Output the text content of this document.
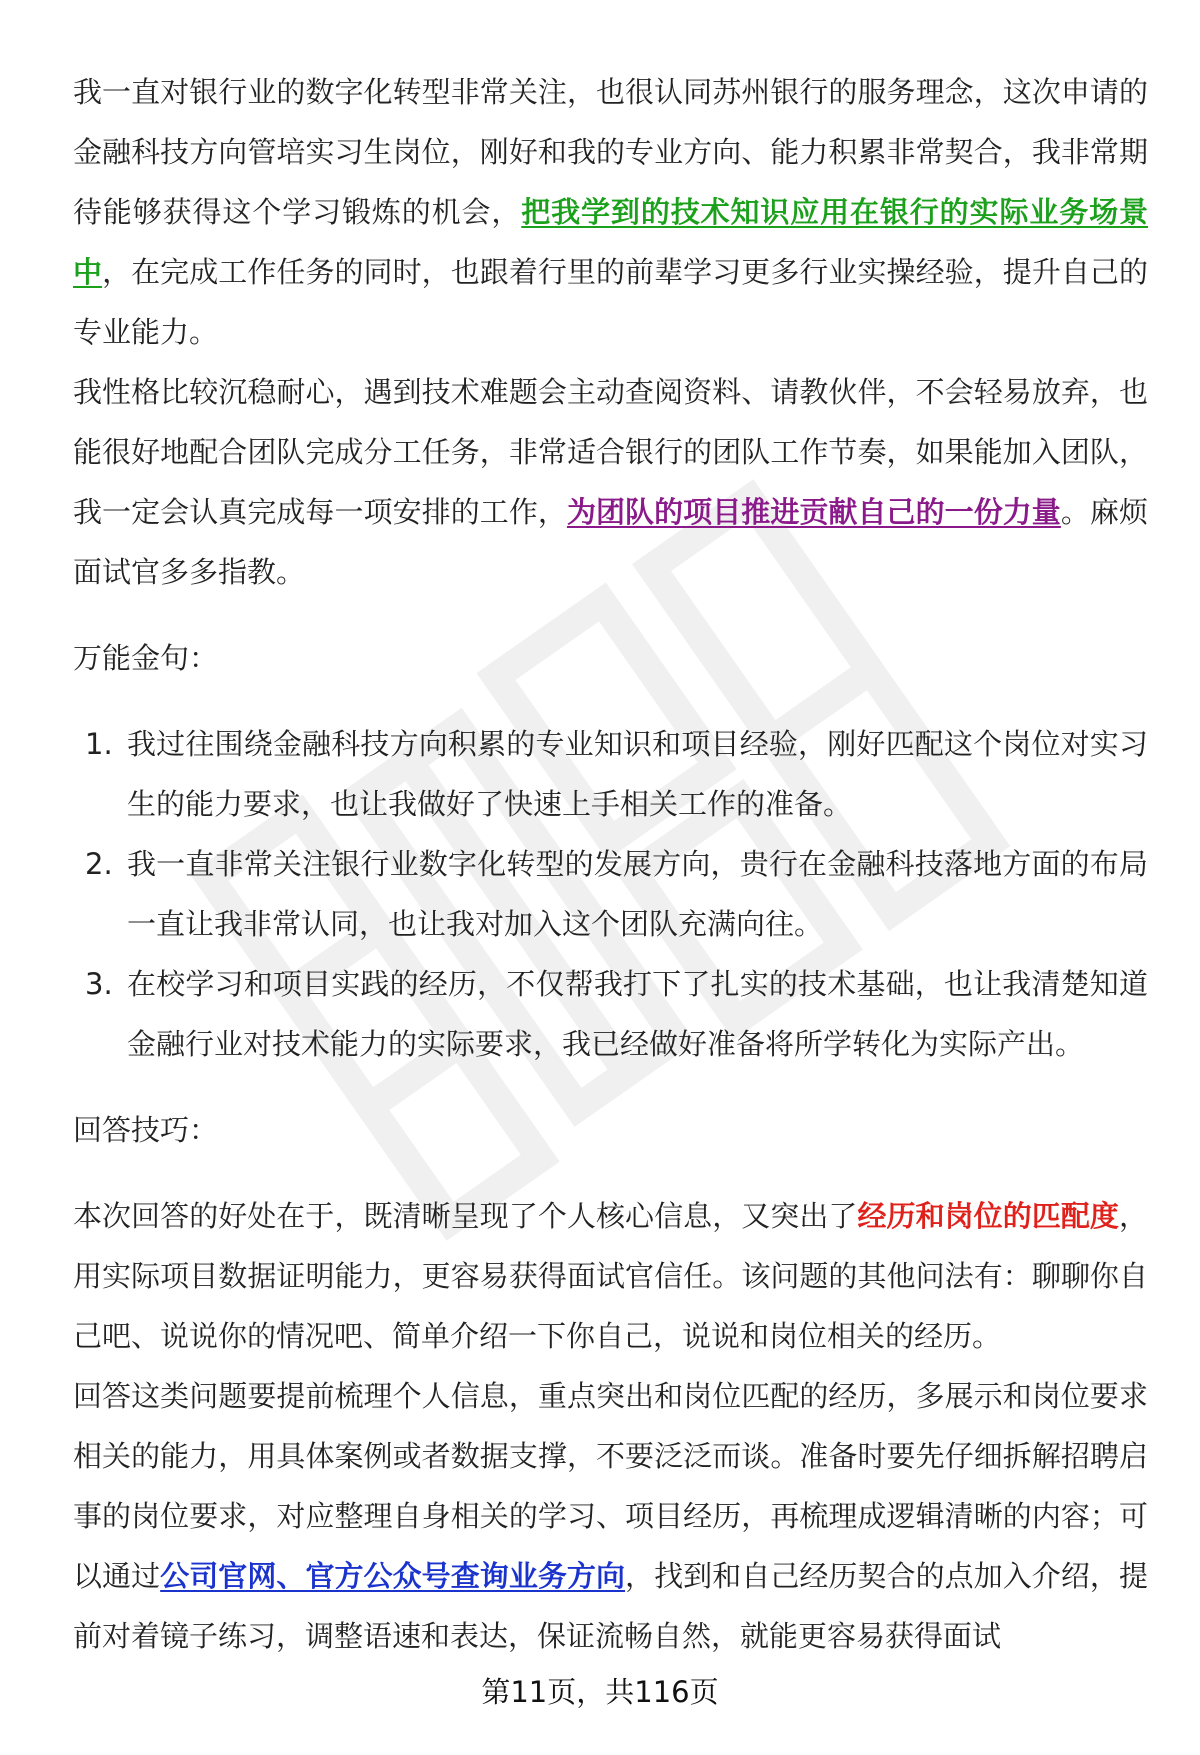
我一直对银行业的数字化转型非常关注，也很认同苏州银行的服务理念，这次申请的金融科技方向管培实习生岗位，刚好和我的专业方向、能力积累非常契合，我非常期待能够获得这个学习锻炼的机会，把我学到的技术知识应用在银行的实际业务场景中，在完成工作任务的同时，也跟着行里的前辈学习更多行业实操经验，提升自己的专业能力。

我性格比较沉稳耐心，遇到技术难题会主动查阅资料、请教伙伴，不会轻易放弃，也能很好地配合团队完成分工任务，非常适合银行的团队工作节奏，如果能加入团队，我一定会认真完成每一项安排的工作，为团队的项目推进贡献自己的一份力量。麻烦面试官多多指教。

万能金句：

1. 我过往围绕金融科技方向积累的专业知识和项目经验，刚好匹配这个岗位对实习生的能力要求，也让我做好了快速上手相关工作的准备。
2. 我一直非常关注银行业数字化转型的发展方向，贵行在金融科技落地方面的布局一直让我非常认同，也让我对加入这个团队充满向往。
3. 在校学习和项目实践的经历，不仅帮我打下了扎实的技术基础，也让我清楚知道金融行业对技术能力的实际要求，我已经做好准备将所学转化为实际产出。

回答技巧：

本次回答的好处在于，既清晰呈现了个人核心信息，又突出了经历和岗位的匹配度，用实际项目数据证明能力，更容易获得面试官信任。该问题的其他问法有：聊聊你自己吧、说说你的情况吧、简单介绍一下你自己，说说和岗位相关的经历。

回答这类问题要提前梳理个人信息，重点突出和岗位匹配的经历，多展示和岗位要求相关的能力，用具体案例或者数据支撑，不要泛泛而谈。准备时要先仔细拆解招聘启事的岗位要求，对应整理自身相关的学习、项目经历，再梳理成逻辑清晰的内容；可以通过公司官网、官方公众号查询业务方向，找到和自己经历契合的点加入介绍，提前对着镜子练习，调整语速和表达，保证流畅自然，就能更容易获得面试

第11页，共116页
